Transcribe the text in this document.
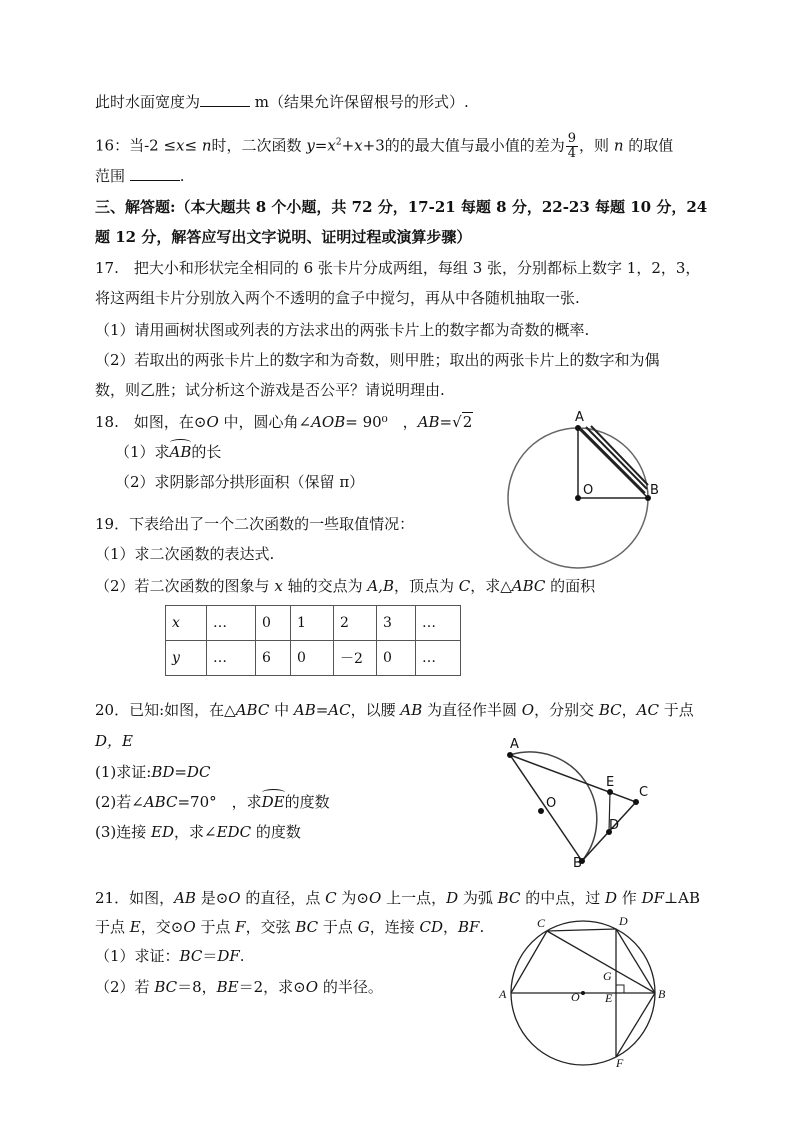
此时水面宽度为	m（结果允许保留根号的形式）.
16：当-2 ≤x≤ n时，二次函数 $y=x^2+x+3$的的最大值与最小值的差为 $\frac{9}{4}$ ，则 n 的取值
范围	.
三、解答题:（本大题共 8 个小题，共 72 分，17-21 每题 8 分，22-23 每题 10 分，24
题 12 分，解答应写出文字说明、证明过程或演算步骤）
17.　把大小和形状完全相同的 6 张卡片分成两组，每组 3 张，分别都标上数字 1，2，3，
将这两组卡片分别放入两个不透明的盒子中搅匀，再从中各随机抽取一张.
（1）请用画树状图或列表的方法求出的两张卡片上的数字都为奇数的概率.
（2）若取出的两张卡片上的数字和为奇数，则甲胜；取出的两张卡片上的数字和为偶
数，则乙胜；试分析这个游戏是否公平？请说明理由.
18.　如图，在⊙O 中，圆心角∠AOB= 90⁰　，AB=√2
（1）求AB的长
（2）求阴影部分拱形面积（保留 π）
A
O	B
19．下表给出了一个二次函数的一些取值情况：
（1）求二次函数的表达式.
（2）若二次函数的图象与 x 轴的交点为 A,B，顶点为 C，求△ABC 的面积
x	…	0	1	2	3	…
y	…	6	0	－2	0	…
20．已知:如图，在△ABC 中 AB=AC，以腰 AB 为直径作半圆 O，分别交 BC，AC 于点
D，E
(1)求证:BD=DC
(2)若∠ABC=70°　，求DE的度数
(3)连接 ED，求∠EDC 的度数
A
E
C
O
D
B
21．如图，AB 是⊙O 的直径，点 C 为⊙O 上一点，D 为弧 BC 的中点，过 D 作 DF⊥AB
于点 E，交⊙O 于点 F，交弦 BC 于点 G，连接 CD，BF.
（1）求证：BC＝DF.
（2）若 BC＝8，BE＝2，求⊙O 的半径。
C	D
G
A	O E	B
F
